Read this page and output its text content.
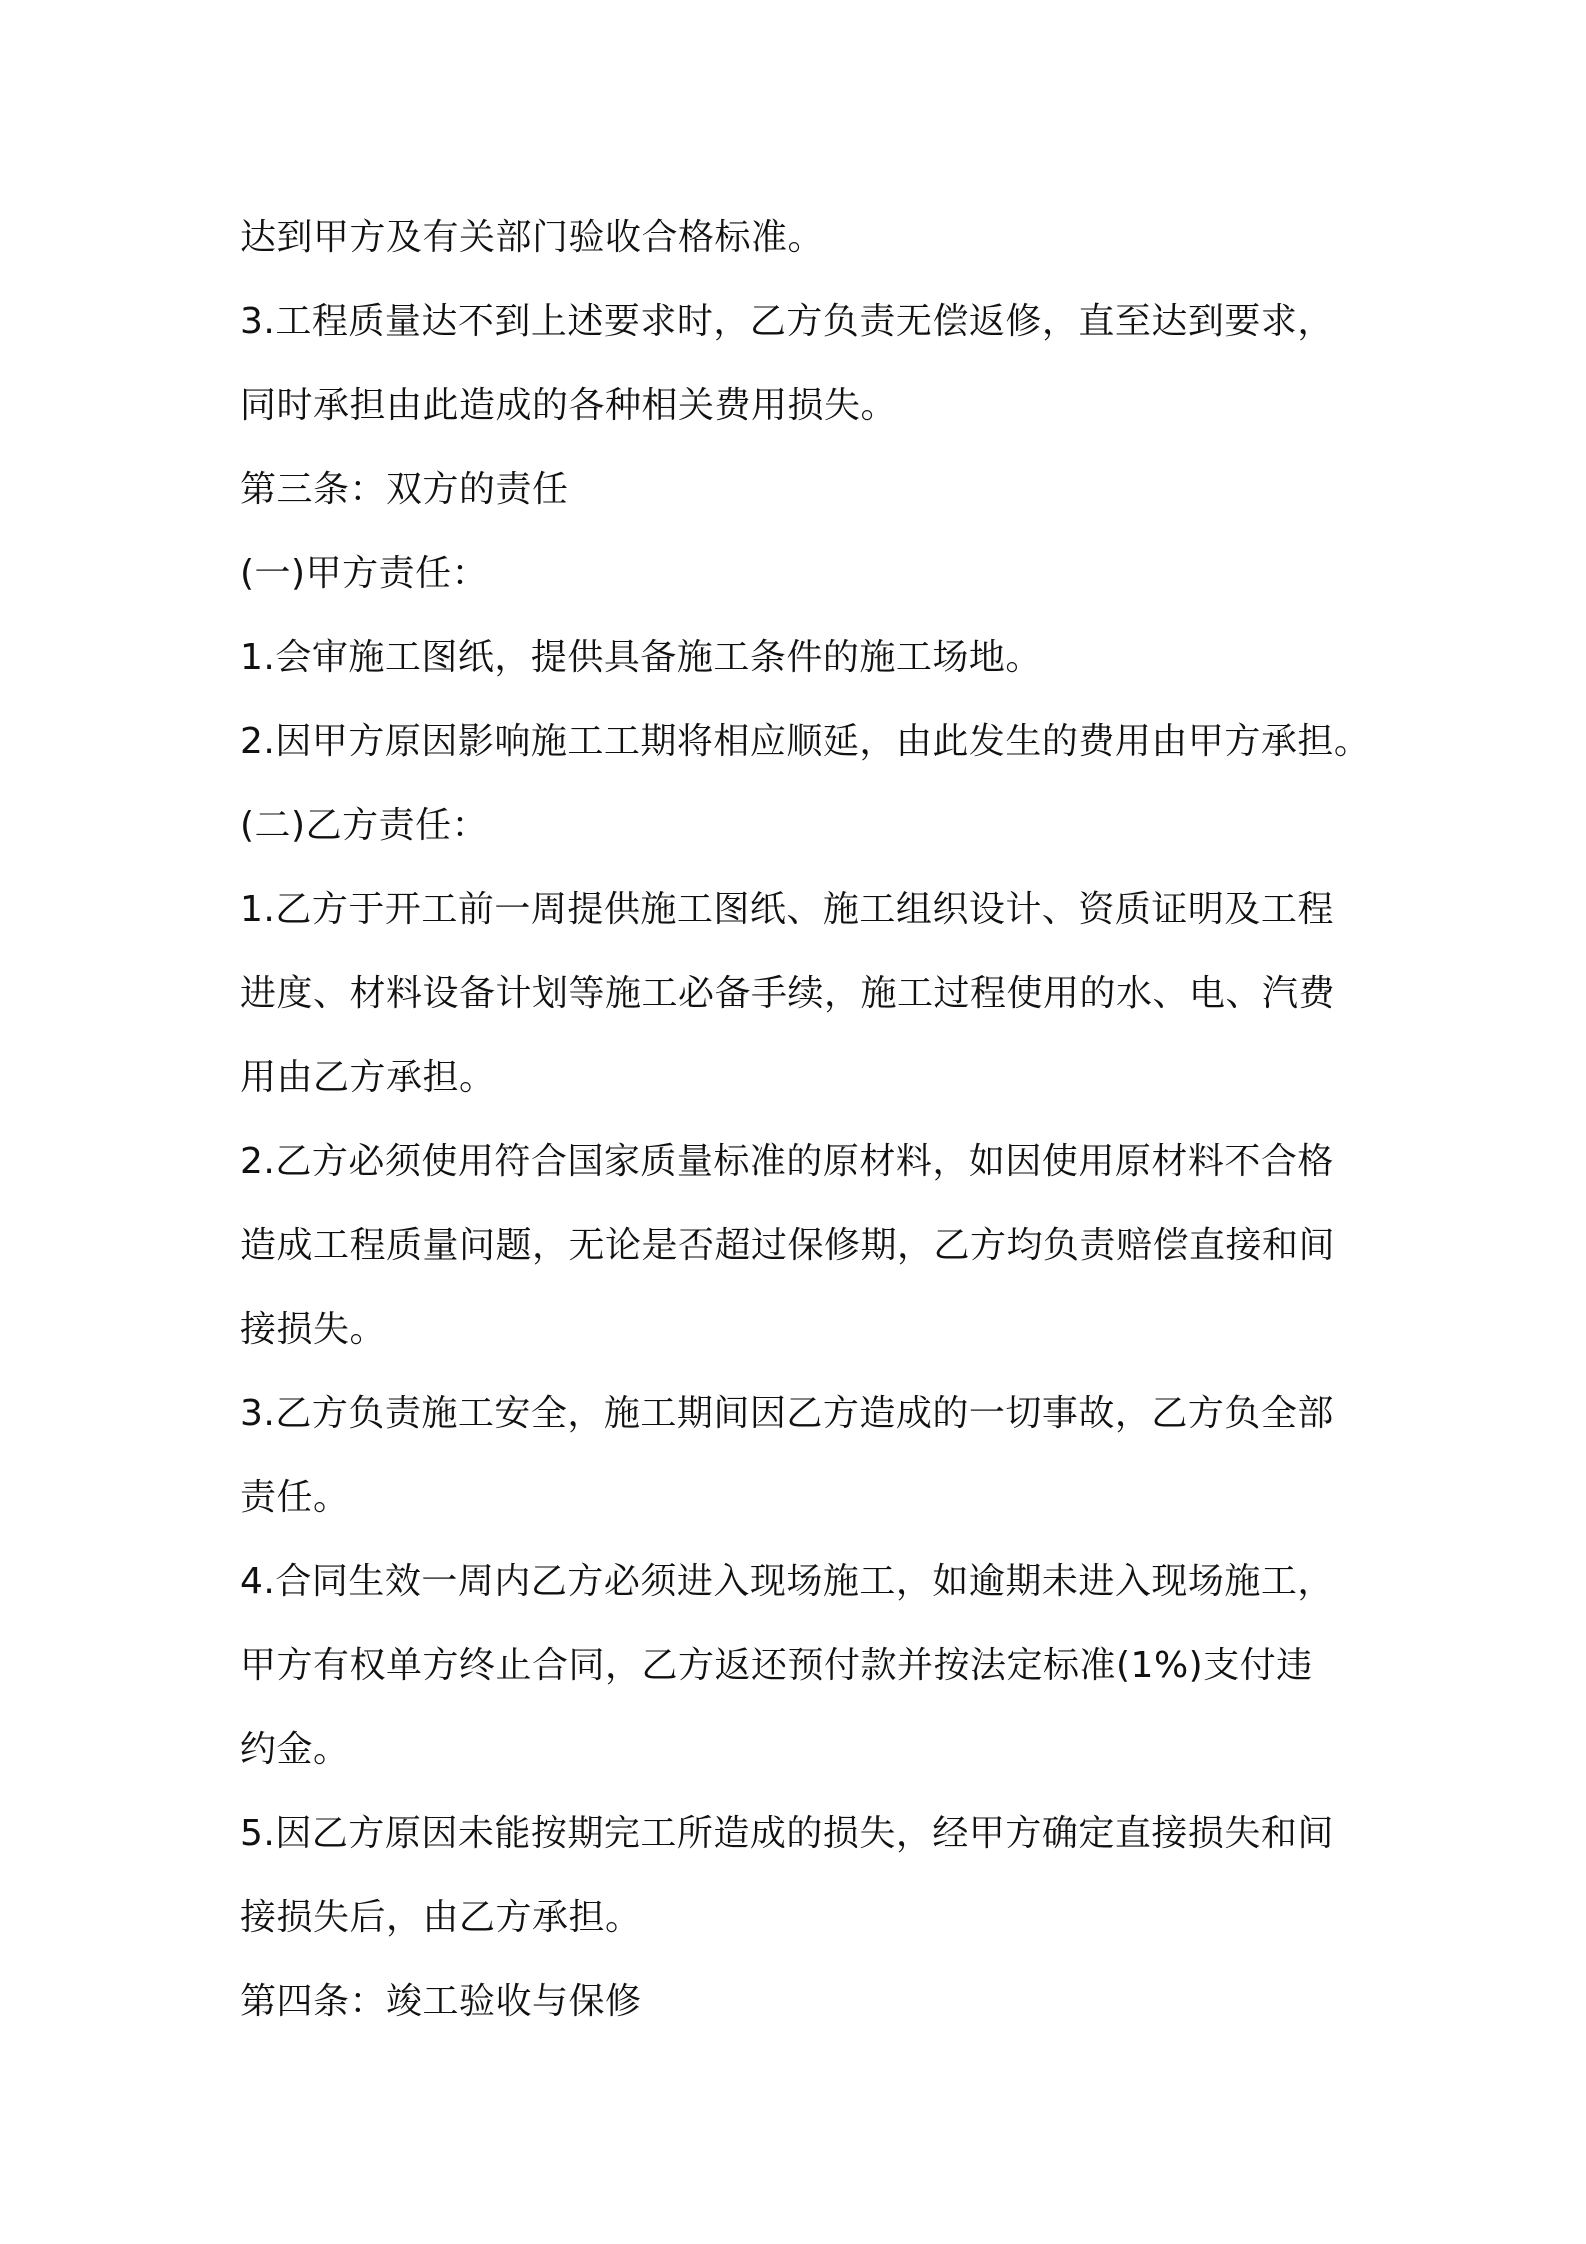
达到甲方及有关部门验收合格标准。
3.工程质量达不到上述要求时，乙方负责无偿返修，直至达到要求，
同时承担由此造成的各种相关费用损失。
第三条：双方的责任
(一)甲方责任：
1.会审施工图纸，提供具备施工条件的施工场地。
2.因甲方原因影响施工工期将相应顺延，由此发生的费用由甲方承担。
(二)乙方责任：
1.乙方于开工前一周提供施工图纸、施工组织设计、资质证明及工程
进度、材料设备计划等施工必备手续，施工过程使用的水、电、汽费
用由乙方承担。
2.乙方必须使用符合国家质量标准的原材料，如因使用原材料不合格
造成工程质量问题，无论是否超过保修期，乙方均负责赔偿直接和间
接损失。
3.乙方负责施工安全，施工期间因乙方造成的一切事故，乙方负全部
责任。
4.合同生效一周内乙方必须进入现场施工，如逾期未进入现场施工，
甲方有权单方终止合同，乙方返还预付款并按法定标准(1%)支付违
约金。
5.因乙方原因未能按期完工所造成的损失，经甲方确定直接损失和间
接损失后，由乙方承担。
第四条：竣工验收与保修
